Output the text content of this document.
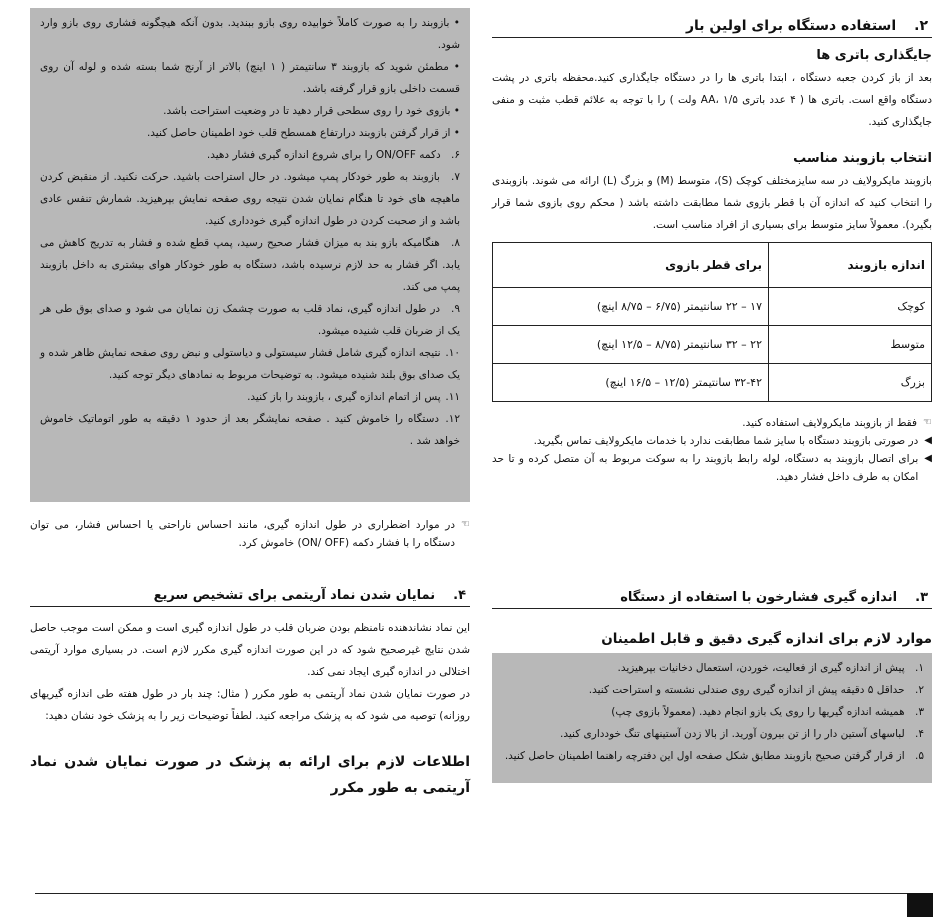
۲.
استفاده دستگاه برای اولین بار
جایگذاری باتری ها

بعد از باز کردن جعبه دستگاه ، ابتدا باتری ها را در دستگاه جایگذاری کنید.محفظه باتری در پشت دستگاه واقع است. باتری ها ( ۴ عدد باتری AA، ۱/۵ ولت ) را با توجه به علائم قطب مثبت و منفی جایگذاری کنید.

انتخاب بازوبند مناسب

بازوبند مایکرولایف در سه سایزمختلف کوچک (S)، متوسط (M) و بزرگ (L) ارائه می شوند. بازوبندی را انتخاب کنید که اندازه آن با قطر بازوی شما مطابقت داشته باشد ( محکم روی بازوی شما قرار بگیرد). معمولاً سایز متوسط برای بسیاری از افراد مناسب است.

اندازه بازوبند	برای قطر بازوی
کوچک	۱۷ – ۲۲ سانتیمتر (۶/۷۵ – ۸/۷۵ اینچ)
متوسط	۲۲ – ۳۲ سانتیمتر (۸/۷۵ – ۱۲/۵ اینچ)
بزرگ	۳۲-۴۲ سانتیمتر (۱۲/۵ – ۱۶/۵ اینچ)
☜
فقط از بازوبند مایکرولایف استفاده کنید.
◀
در صورتی بازوبند دستگاه با سایز شما مطابقت ندارد با خدمات مایکرولایف تماس بگیرید.
◀
برای اتصال بازوبند به دستگاه، لوله رابط بازوبند را به سوکت مربوط به آن متصل کرده و تا حد امکان به طرف داخل فشار دهید.
۳.
اندازه گیری فشارخون با استفاده از دستگاه
موارد لازم برای اندازه گیری دقیق و قابل اطمینان
۱. پیش از اندازه گیری از فعالیت، خوردن، استعمال دخانیات بپرهیزید.
۲. حداقل ۵ دقیقه پیش از اندازه گیری روی صندلی نشسته و استراحت کنید.
۳. همیشه اندازه گیریها را روی یک بازو انجام دهید. (معمولاً بازوی چپ)
۴. لباسهای آستین دار را از تن بیرون آورید. از بالا زدن آستینهای تنگ خودداری کنید.
۵. از قرار گرفتن صحیح بازوبند مطابق شکل صفحه اول این دفترچه راهنما اطمینان حاصل کنید.
• بازوبند را به صورت کاملاً خوابیده روی بازو ببندید. بدون آنکه هیچگونه فشاری روی بازو وارد شود.
• مطمئن شوید که بازوبند ۳ سانتیمتر ( ۱ اینچ) بالاتر از آرنج شما بسته شده و لوله آن روی قسمت داخلی بازو قرار گرفته باشد.
• بازوی خود را روی سطحی قرار دهید تا در وضعیت استراحت باشد.
• از قرار گرفتن بازوبند درارتفاع همسطح قلب خود اطمینان حاصل کنید.
۶. دکمه ON/OFF را برای شروع اندازه گیری فشار دهید.
۷. بازوبند به طور خودکار پمپ میشود. در حال استراحت باشید. حرکت نکنید. از منقبض کردن ماهیچه های خود تا هنگام نمایان شدن نتیجه روی صفحه نمایش بپرهیزید. شمارش تنفس عادی باشد و از صحبت کردن در طول اندازه گیری خودداری کنید.
۸. هنگامیکه بازو بند به میزان فشار صحیح رسید، پمپ قطع شده و فشار به تدریج کاهش می یابد. اگر فشار به حد لازم نرسیده باشد، دستگاه به طور خودکار هوای بیشتری به داخل بازوبند پمپ می کند.
۹. در طول اندازه گیری، نماد قلب به صورت چشمک زن نمایان می شود و صدای بوق طی هر یک از ضربان قلب شنیده میشود.
۱۰. نتیجه اندازه گیری شامل فشار سیستولی و دیاستولی و نبض روی صفحه نمایش ظاهر شده و یک صدای بوق بلند شنیده میشود. به توضیحات مربوط به نمادهای دیگر توجه کنید.
۱۱. پس از اتمام اندازه گیری ، بازوبند را باز کنید.
۱۲. دستگاه را خاموش کنید . صفحه نمایشگر بعد از حدود ۱ دقیقه به طور اتوماتیک خاموش خواهد شد .
☜
در موارد اضطراری در طول اندازه گیری، مانند احساس ناراحتی یا احساس فشار، می توان دستگاه را با فشار دکمه (ON/ OFF) خاموش کرد.
۴.
نمایان شدن نماد آریتمی برای تشخیص سریع

این نماد نشاندهنده نامنظم بودن ضربان قلب در طول اندازه گیری است و ممکن است موجب حاصل شدن نتایج غیرصحیح شود که در این صورت اندازه گیری مکرر لازم است. در بسیاری موارد آریتمی اختلالی در اندازه گیری ایجاد نمی کند.

در صورت نمایان شدن نماد آریتمی به طور مکرر ( مثال: چند بار در طول هفته طی اندازه گیریهای روزانه) توصیه می شود که به پزشک مراجعه کنید. لطفاً توضیحات زیر را به پزشک خود نشان دهید:

اطلاعات لازم برای ارائه به پزشک در صورت نمایان شدن نماد آریتمی به طور مکرر
